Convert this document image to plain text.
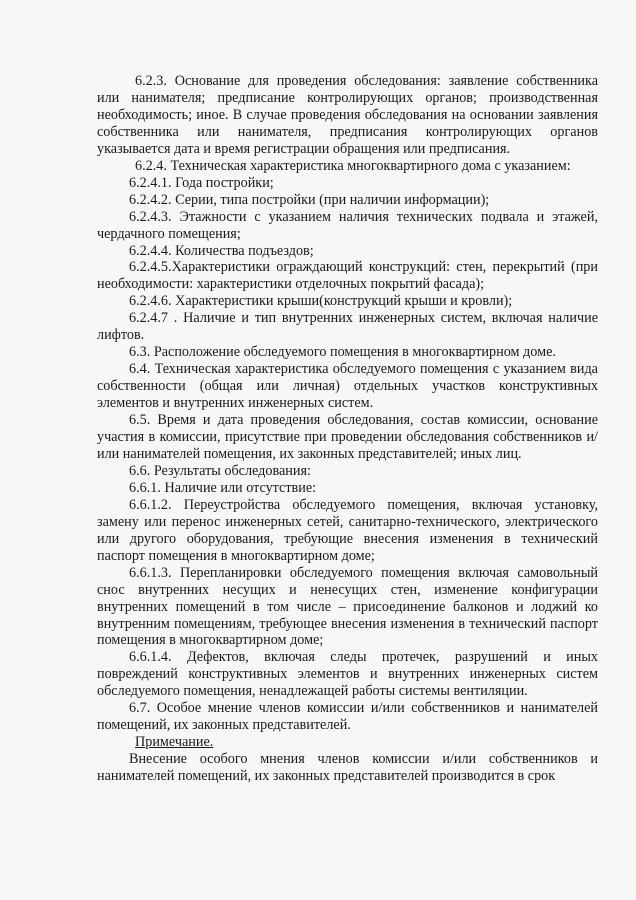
6.2.3. Основание для проведения обследования: заявление собственника или нанимателя; предписание контролирующих органов; производственная необходимость; иное. В случае проведения обследования на основании заявления собственника или нанимателя, предписания контролирующих органов указывается дата и время регистрации обращения или предписания.

6.2.4. Техническая характеристика многоквартирного дома с указанием:

6.2.4.1. Года постройки;

6.2.4.2. Серии, типа постройки (при наличии информации);

6.2.4.3. Этажности с указанием наличия технических подвала и этажей, чердачного помещения;

6.2.4.4. Количества подъездов;

6.2.4.5.Характеристики ограждающий конструкций: стен, перекрытий (при необходимости: характеристики отделочных покрытий фасада);

6.2.4.6. Характеристики крыши(конструкций крыши и кровли);

6.2.4.7 . Наличие и тип внутренних инженерных систем, включая наличие лифтов.

6.3. Расположение обследуемого помещения в многоквартирном доме.

6.4. Техническая характеристика обследуемого помещения с указанием вида собственности (общая или личная) отдельных участков конструктивных элементов и внутренних инженерных систем.

6.5. Время и дата проведения обследования, состав комиссии, основание участия в комиссии, присутствие при проведении обследования собственников и/или нанимателей помещения, их законных представителей; иных лиц.

6.6. Результаты обследования:

6.6.1. Наличие или отсутствие:

6.6.1.2. Переустройства обследуемого помещения, включая установку, замену или перенос инженерных сетей, санитарно-технического, электрического или другого оборудования, требующие внесения изменения в технический паспорт помещения в многоквартирном доме;

6.6.1.3. Перепланировки обследуемого помещения включая самовольный снос внутренних несущих и ненесущих стен, изменение конфигурации внутренних помещений в том числе – присоединение балконов и лоджий ко внутренним помещениям, требующее внесения изменения в технический паспорт помещения в многоквартирном доме;

6.6.1.4. Дефектов, включая следы протечек, разрушений и иных повреждений конструктивных элементов и внутренних инженерных систем обследуемого помещения, ненадлежащей работы системы вентиляции.

6.7. Особое мнение членов комиссии и/или собственников и нанимателей помещений, их законных представителей.

Примечание.

Внесение особого мнения членов комиссии и/или собственников и нанимателей помещений, их законных представителей производится в срок
